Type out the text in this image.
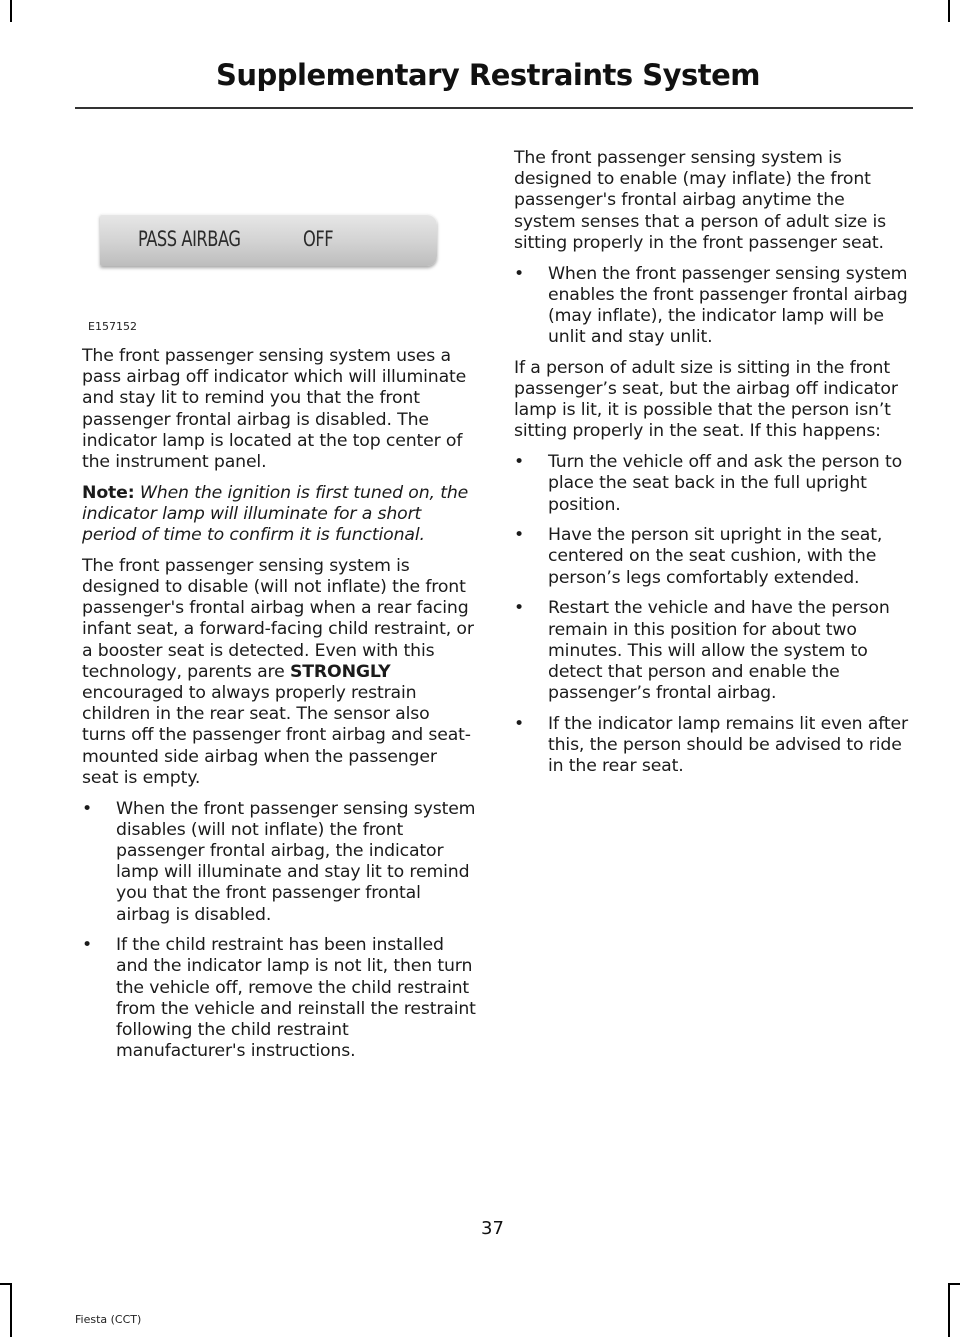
Supplementary Restraints System
PASS AIRBAG	OFF
E157152

The front passenger sensing system uses a pass airbag off indicator which will illuminate and stay lit to remind you that the front passenger frontal airbag is disabled. The indicator lamp is located at the top center of the instrument panel.

Note: When the ignition is first tuned on, the indicator lamp will illuminate for a short period of time to confirm it is functional.

The front passenger sensing system is designed to disable (will not inflate) the front passenger's frontal airbag when a rear facing infant seat, a forward-facing child restraint, or a booster seat is detected. Even with this technology, parents are STRONGLY encouraged to always properly restrain children in the rear seat. The sensor also turns off the passenger front airbag and seat-mounted side airbag when the passenger seat is empty.

• When the front passenger sensing system disables (will not inflate) the front passenger frontal airbag, the indicator lamp will illuminate and stay lit to remind you that the front passenger frontal airbag is disabled.
• If the child restraint has been installed and the indicator lamp is not lit, then turn the vehicle off, remove the child restraint from the vehicle and reinstall the restraint following the child restraint manufacturer's instructions.

The front passenger sensing system is designed to enable (may inflate) the front passenger's frontal airbag anytime the system senses that a person of adult size is sitting properly in the front passenger seat.

• When the front passenger sensing system enables the front passenger frontal airbag (may inflate), the indicator lamp will be unlit and stay unlit.

If a person of adult size is sitting in the front passenger’s seat, but the airbag off indicator lamp is lit, it is possible that the person isn’t sitting properly in the seat. If this happens:

• Turn the vehicle off and ask the person to place the seat back in the full upright position.
• Have the person sit upright in the seat, centered on the seat cushion, with the person’s legs comfortably extended.
• Restart the vehicle and have the person remain in this position for about two minutes. This will allow the system to detect that person and enable the passenger’s frontal airbag.
• If the indicator lamp remains lit even after this, the person should be advised to ride in the rear seat.
37
Fiesta (CCT)
